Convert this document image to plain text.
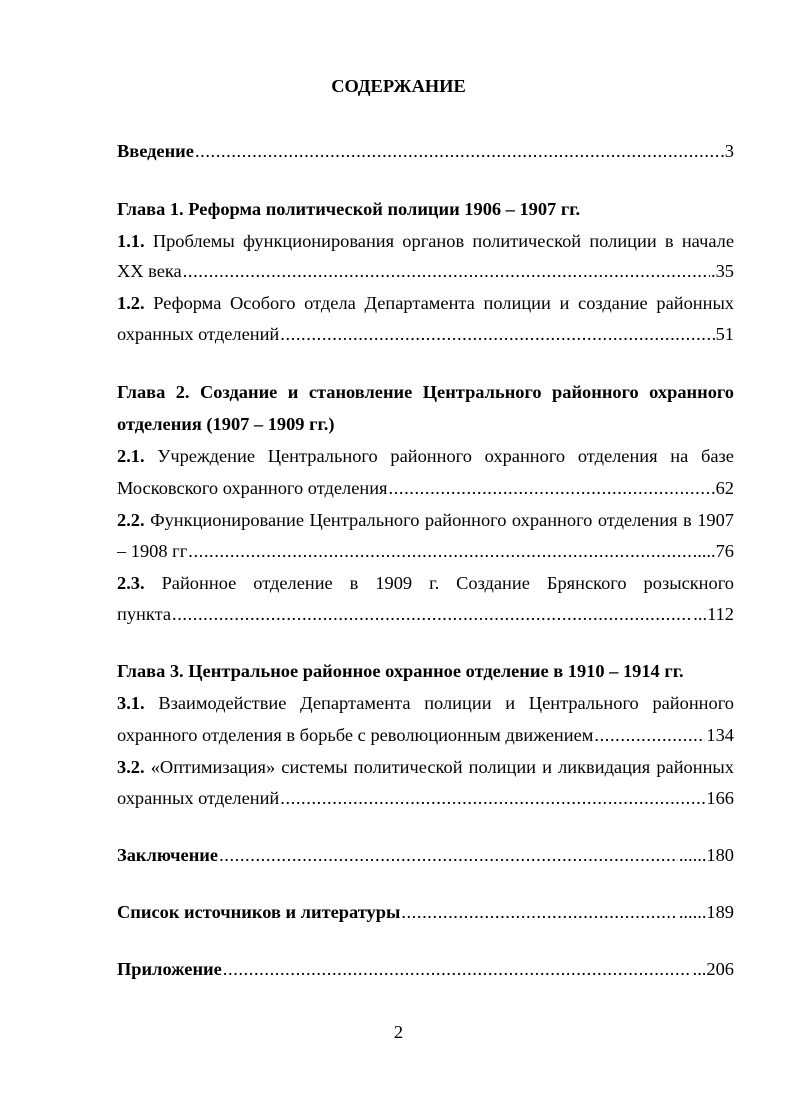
СОДЕРЖАНИЕ
Введение .....	.3
Глава 1. Реформа политической полиции 1906 – 1907 гг.
1.1. Проблемы функционирования органов политической полиции в начале
XX века .....	.35
1.2. Реформа Особого отдела Департамента полиции и создание районных
охранных отделений .....	51
Глава 2. Создание и становление Центрального районного охранного
отделения (1907 – 1909 гг.)
2.1. Учреждение Центрального районного охранного отделения на базе
Московского охранного отделения .....	.62
2.2. Функционирование Центрального районного охранного отделения в 1907
– 1908 гг .....	.....76
2.3. Районное отделение в 1909 г. Создание Брянского розыскного
пункта .....	...112
Глава 3. Центральное районное охранное отделение в 1910 – 1914 гг.
3.1. Взаимодействие Департамента полиции и Центрального районного
охранного отделения в борьбе с революционным движением .....	134
3.2. «Оптимизация» системы политической полиции и ликвидация районных
охранных отделений .....	166
Заключение .....	......180
Список источников и литературы .....	......189
Приложение .....	...206
2
